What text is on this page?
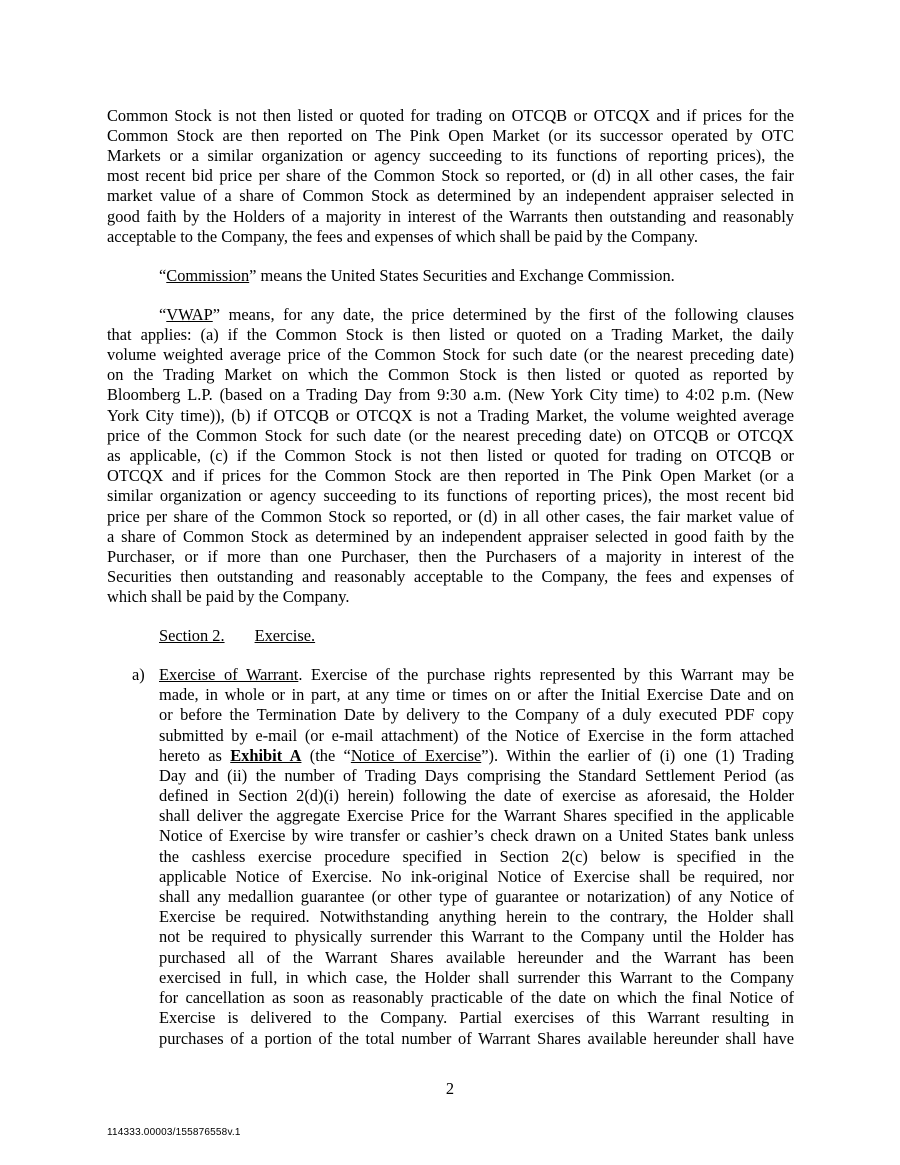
Common Stock is not then listed or quoted for trading on OTCQB or OTCQX and if prices for the
Common Stock are then reported on The Pink Open Market (or its successor operated by OTC
Markets or a similar organization or agency succeeding to its functions of reporting prices), the
most recent bid price per share of the Common Stock so reported, or (d) in all other cases, the fair
market value of a share of Common Stock as determined by an independent appraiser selected in
good faith by the Holders of a majority in interest of the Warrants then outstanding and reasonably
acceptable to the Company, the fees and expenses of which shall be paid by the Company.
“Commission” means the United States Securities and Exchange Commission.
“VWAP” means, for any date, the price determined by the first of the following clauses
that applies: (a) if the Common Stock is then listed or quoted on a Trading Market, the daily
volume weighted average price of the Common Stock for such date (or the nearest preceding date)
on the Trading Market on which the Common Stock is then listed or quoted as reported by
Bloomberg L.P. (based on a Trading Day from 9:30 a.m. (New York City time) to 4:02 p.m. (New
York City time)), (b) if OTCQB or OTCQX is not a Trading Market, the volume weighted average
price of the Common Stock for such date (or the nearest preceding date) on OTCQB or OTCQX
as applicable, (c) if the Common Stock is not then listed or quoted for trading on OTCQB or
OTCQX and if prices for the Common Stock are then reported in The Pink Open Market (or a
similar organization or agency succeeding to its functions of reporting prices), the most recent bid
price per share of the Common Stock so reported, or (d) in all other cases, the fair market value of
a share of Common Stock as determined by an independent appraiser selected in good faith by the
Purchaser, or if more than one Purchaser, then the Purchasers of a majority in interest of the
Securities then outstanding and reasonably acceptable to the Company, the fees and expenses of
which shall be paid by the Company.
Section 2. Exercise.
a) Exercise of Warrant. Exercise of the purchase rights represented by this Warrant may be
made, in whole or in part, at any time or times on or after the Initial Exercise Date and on
or before the Termination Date by delivery to the Company of a duly executed PDF copy
submitted by e-mail (or e-mail attachment) of the Notice of Exercise in the form attached
hereto as Exhibit A (the “Notice of Exercise”). Within the earlier of (i) one (1) Trading
Day and (ii) the number of Trading Days comprising the Standard Settlement Period (as
defined in Section 2(d)(i) herein) following the date of exercise as aforesaid, the Holder
shall deliver the aggregate Exercise Price for the Warrant Shares specified in the applicable
Notice of Exercise by wire transfer or cashier’s check drawn on a United States bank unless
the cashless exercise procedure specified in Section 2(c) below is specified in the
applicable Notice of Exercise. No ink-original Notice of Exercise shall be required, nor
shall any medallion guarantee (or other type of guarantee or notarization) of any Notice of
Exercise be required. Notwithstanding anything herein to the contrary, the Holder shall
not be required to physically surrender this Warrant to the Company until the Holder has
purchased all of the Warrant Shares available hereunder and the Warrant has been
exercised in full, in which case, the Holder shall surrender this Warrant to the Company
for cancellation as soon as reasonably practicable of the date on which the final Notice of
Exercise is delivered to the Company. Partial exercises of this Warrant resulting in
purchases of a portion of the total number of Warrant Shares available hereunder shall have
2
114333.00003/155876558v.1
